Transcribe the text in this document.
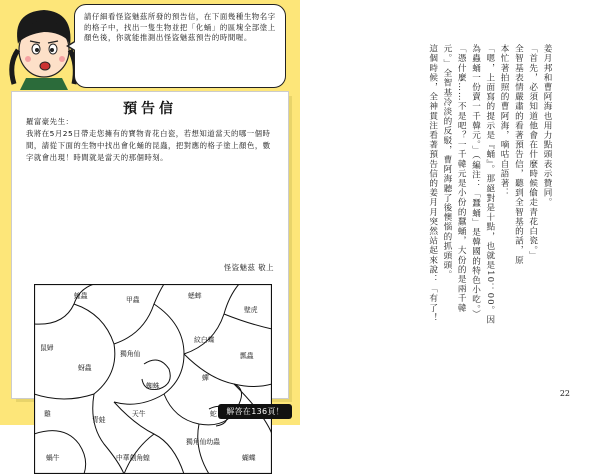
請仔細看怪盜魅茲所發的預告信，在下面幾種生物名字的格子中，找出一隻生物並把「化蛹」的區塊全部塗上顏色後，你就能推測出怪盜魅茲預告的時間喔。
預告信
羅富豪先生：

我將在5月25日帶走您擁有的寶物青花白瓷，若想知道當天的哪一個時間，請從下面的生物中找出會化蛹的昆蟲，把對應的格子塗上顏色，數字就會出現！時間就是當天的那個時刻。

怪盜魅茲 敬上
蝗蟲	甲蟲	蟋蟀
鼠婦
獨角仙
紋白蝶
壁虎
蚜蟲
蜘蛛
青蛙
蟬
瓢蟲
雞	天牛	蛇
蝸牛	中華劍角蝗
獨角仙幼蟲
蝴蝶
解答在136頁！
姜月邦和曹阿海也用力點頭表示贊同。
「首先，必須知道他會在什麼時候偷走青花白瓷。」
全智基表情嚴肅的看著預告信，聽到全智基的話，原
本忙著拍照的曹阿海，嘀咕自語著：
「嗯，上面寫的提示是『蛹』。那絕對是十點，也就是10：00。因
為蟲蛹一份賣一千韓元。」（編注：「蠶蛹」是韓國的特色小吃。）
「憑什麼……不是吧？一千韓元是小份的蠶蛹，大份的是兩千韓
元。」全智基冷淡的反駁，曹阿海聽了後懊惱的抓頭頭。
這個時候，全神貫注看著預告信的姜月月突然站起來說：「有了！
22
